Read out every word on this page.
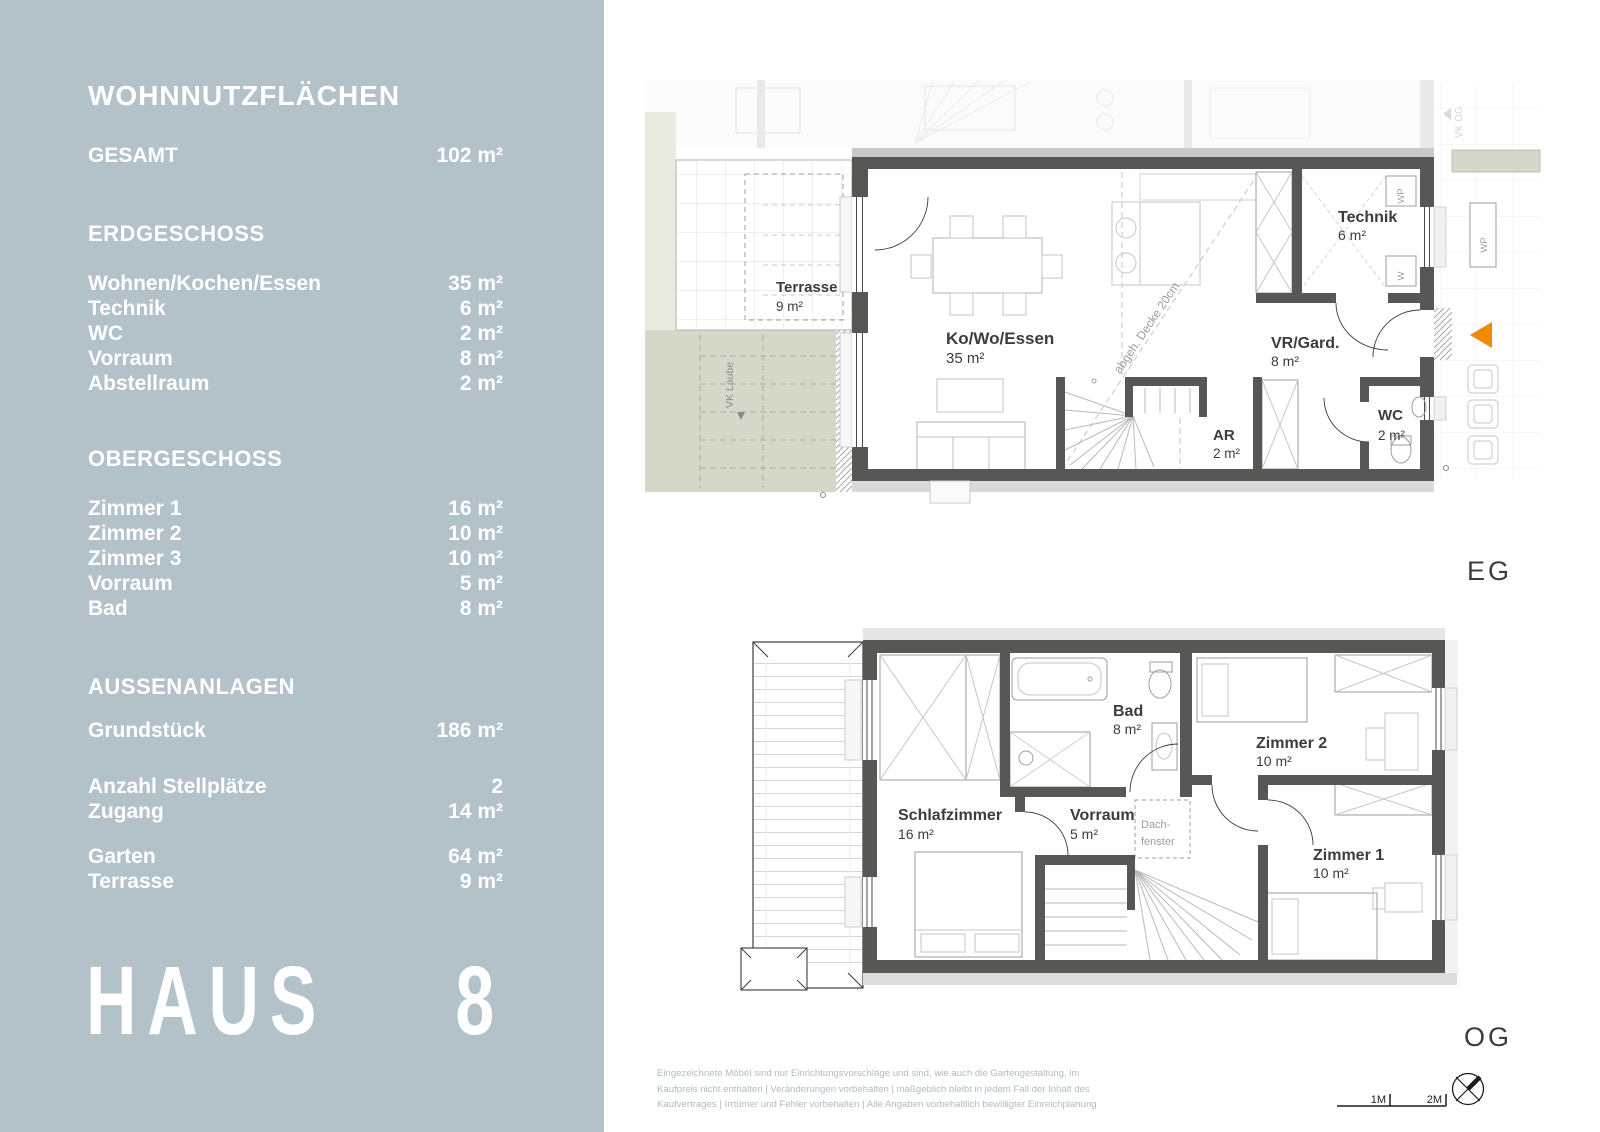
VK OG
VK Laube
Terrasse
9 m²	abgeh. Decke 20cm
WP
W
WP
Ko/Wo/Essen
35 m²
Technik
6 m²
VR/Gard.
8 m²
WC
2 m²
AR
2 m²
EG
Dach-
fenster
Schlafzimmer
16 m²
Bad
8 m²
Vorraum
5 m²
Zimmer 2
10 m²
Zimmer 1
10 m²
OG
1M	2M
WOHNNUTZFLÄCHEN
GESAMT	102 m²
ERDGESCHOSS
Wohnen/Kochen/Essen	35 m²
Technik	6 m²
WC	2 m²
Vorraum	8 m²
Abstellraum	2 m²
OBERGESCHOSS
Zimmer 1	16 m²
Zimmer 2	10 m²
Zimmer 3	10 m²
Vorraum	5 m²
Bad	8 m²
AUSSENANLAGEN
Grundstück	186 m²
Anzahl Stellplätze	2
Zugang	14 m²
Garten	64 m²
Terrasse	9 m²
HAUS 8
Eingezeichnete Möbel sind nur Einrichtungsvorschläge und sind, wie auch die Gartengestaltung, im
Kaufpreis nicht enthalten | Veränderungen vorbehalten | maßgeblich bleibt in jedem Fall der Inhalt des
Kaufvertrages | Irrtümer und Fehler vorbehalten | Alle Angaben vorbehaltlich bewilligter Einreichplanung
